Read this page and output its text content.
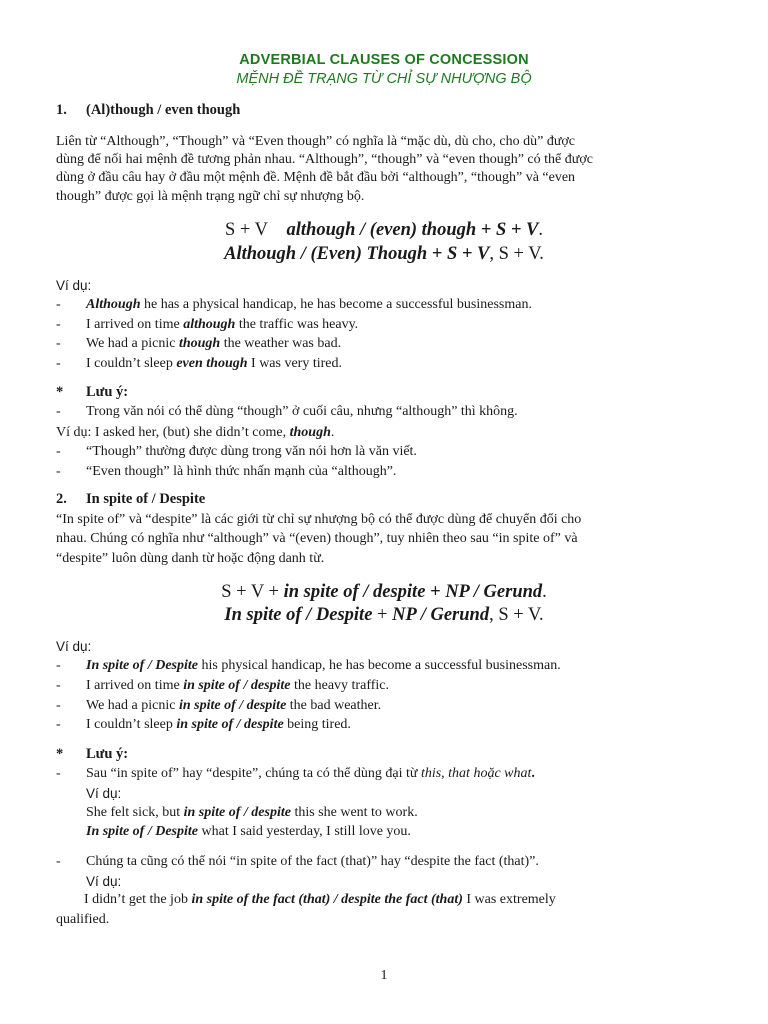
ADVERBIAL CLAUSES OF CONCESSION
MỆNH ĐỀ TRẠNG TỪ CHỈ SỰ NHƯỢNG BỘ
1. (Al)though / even though
Liên từ “Although”, “Though” và “Even though” có nghĩa là “mặc dù, dù cho, cho dù” được
dùng để nối hai mệnh đề tương phản nhau. “Although”, “though” và “even though” có thể được
dùng ở đầu câu hay ở đầu một mệnh đề. Mệnh đề bắt đầu bởi “although”, “though” và “even
though” được gọi là mệnh trạng ngữ chỉ sự nhượng bộ.
S + V although / (even) though + S + V.
Although / (Even) Though + S + V, S + V.
Ví dụ:
- Although he has a physical handicap, he has become a successful businessman.
- I arrived on time although the traffic was heavy.
- We had a picnic though the weather was bad.
- I couldn’t sleep even though I was very tired.
* Lưu ý:
- Trong văn nói có thể dùng “though” ở cuối câu, nhưng “although” thì không.
Ví dụ: I asked her, (but) she didn’t come, though.
- “Though” thường được dùng trong văn nói hơn là văn viết.
- “Even though” là hình thức nhấn mạnh của “although”.
2. In spite of / Despite
“In spite of” và “despite” là các giới từ chỉ sự nhượng bộ có thể được dùng để chuyển đổi cho
nhau. Chúng có nghĩa như “although” và “(even) though”, tuy nhiên theo sau “in spite of” và
“despite” luôn dùng danh từ hoặc động danh từ.
S + V + in spite of / despite + NP / Gerund.
In spite of / Despite + NP / Gerund, S + V.
Ví dụ:
- In spite of / Despite his physical handicap, he has become a successful businessman.
- I arrived on time in spite of / despite the heavy traffic.
- We had a picnic in spite of / despite the bad weather.
- I couldn’t sleep in spite of / despite being tired.
* Lưu ý:
- Sau “in spite of” hay “despite”, chúng ta có thể dùng đại từ this, that hoặc what.
Ví dụ:
She felt sick, but in spite of / despite this she went to work.
In spite of / Despite what I said yesterday, I still love you.
- Chúng ta cũng có thể nói “in spite of the fact (that)” hay “despite the fact (that)”.
Ví dụ:
I didn’t get the job in spite of the fact (that) / despite the fact (that) I was extremely
qualified.
1
